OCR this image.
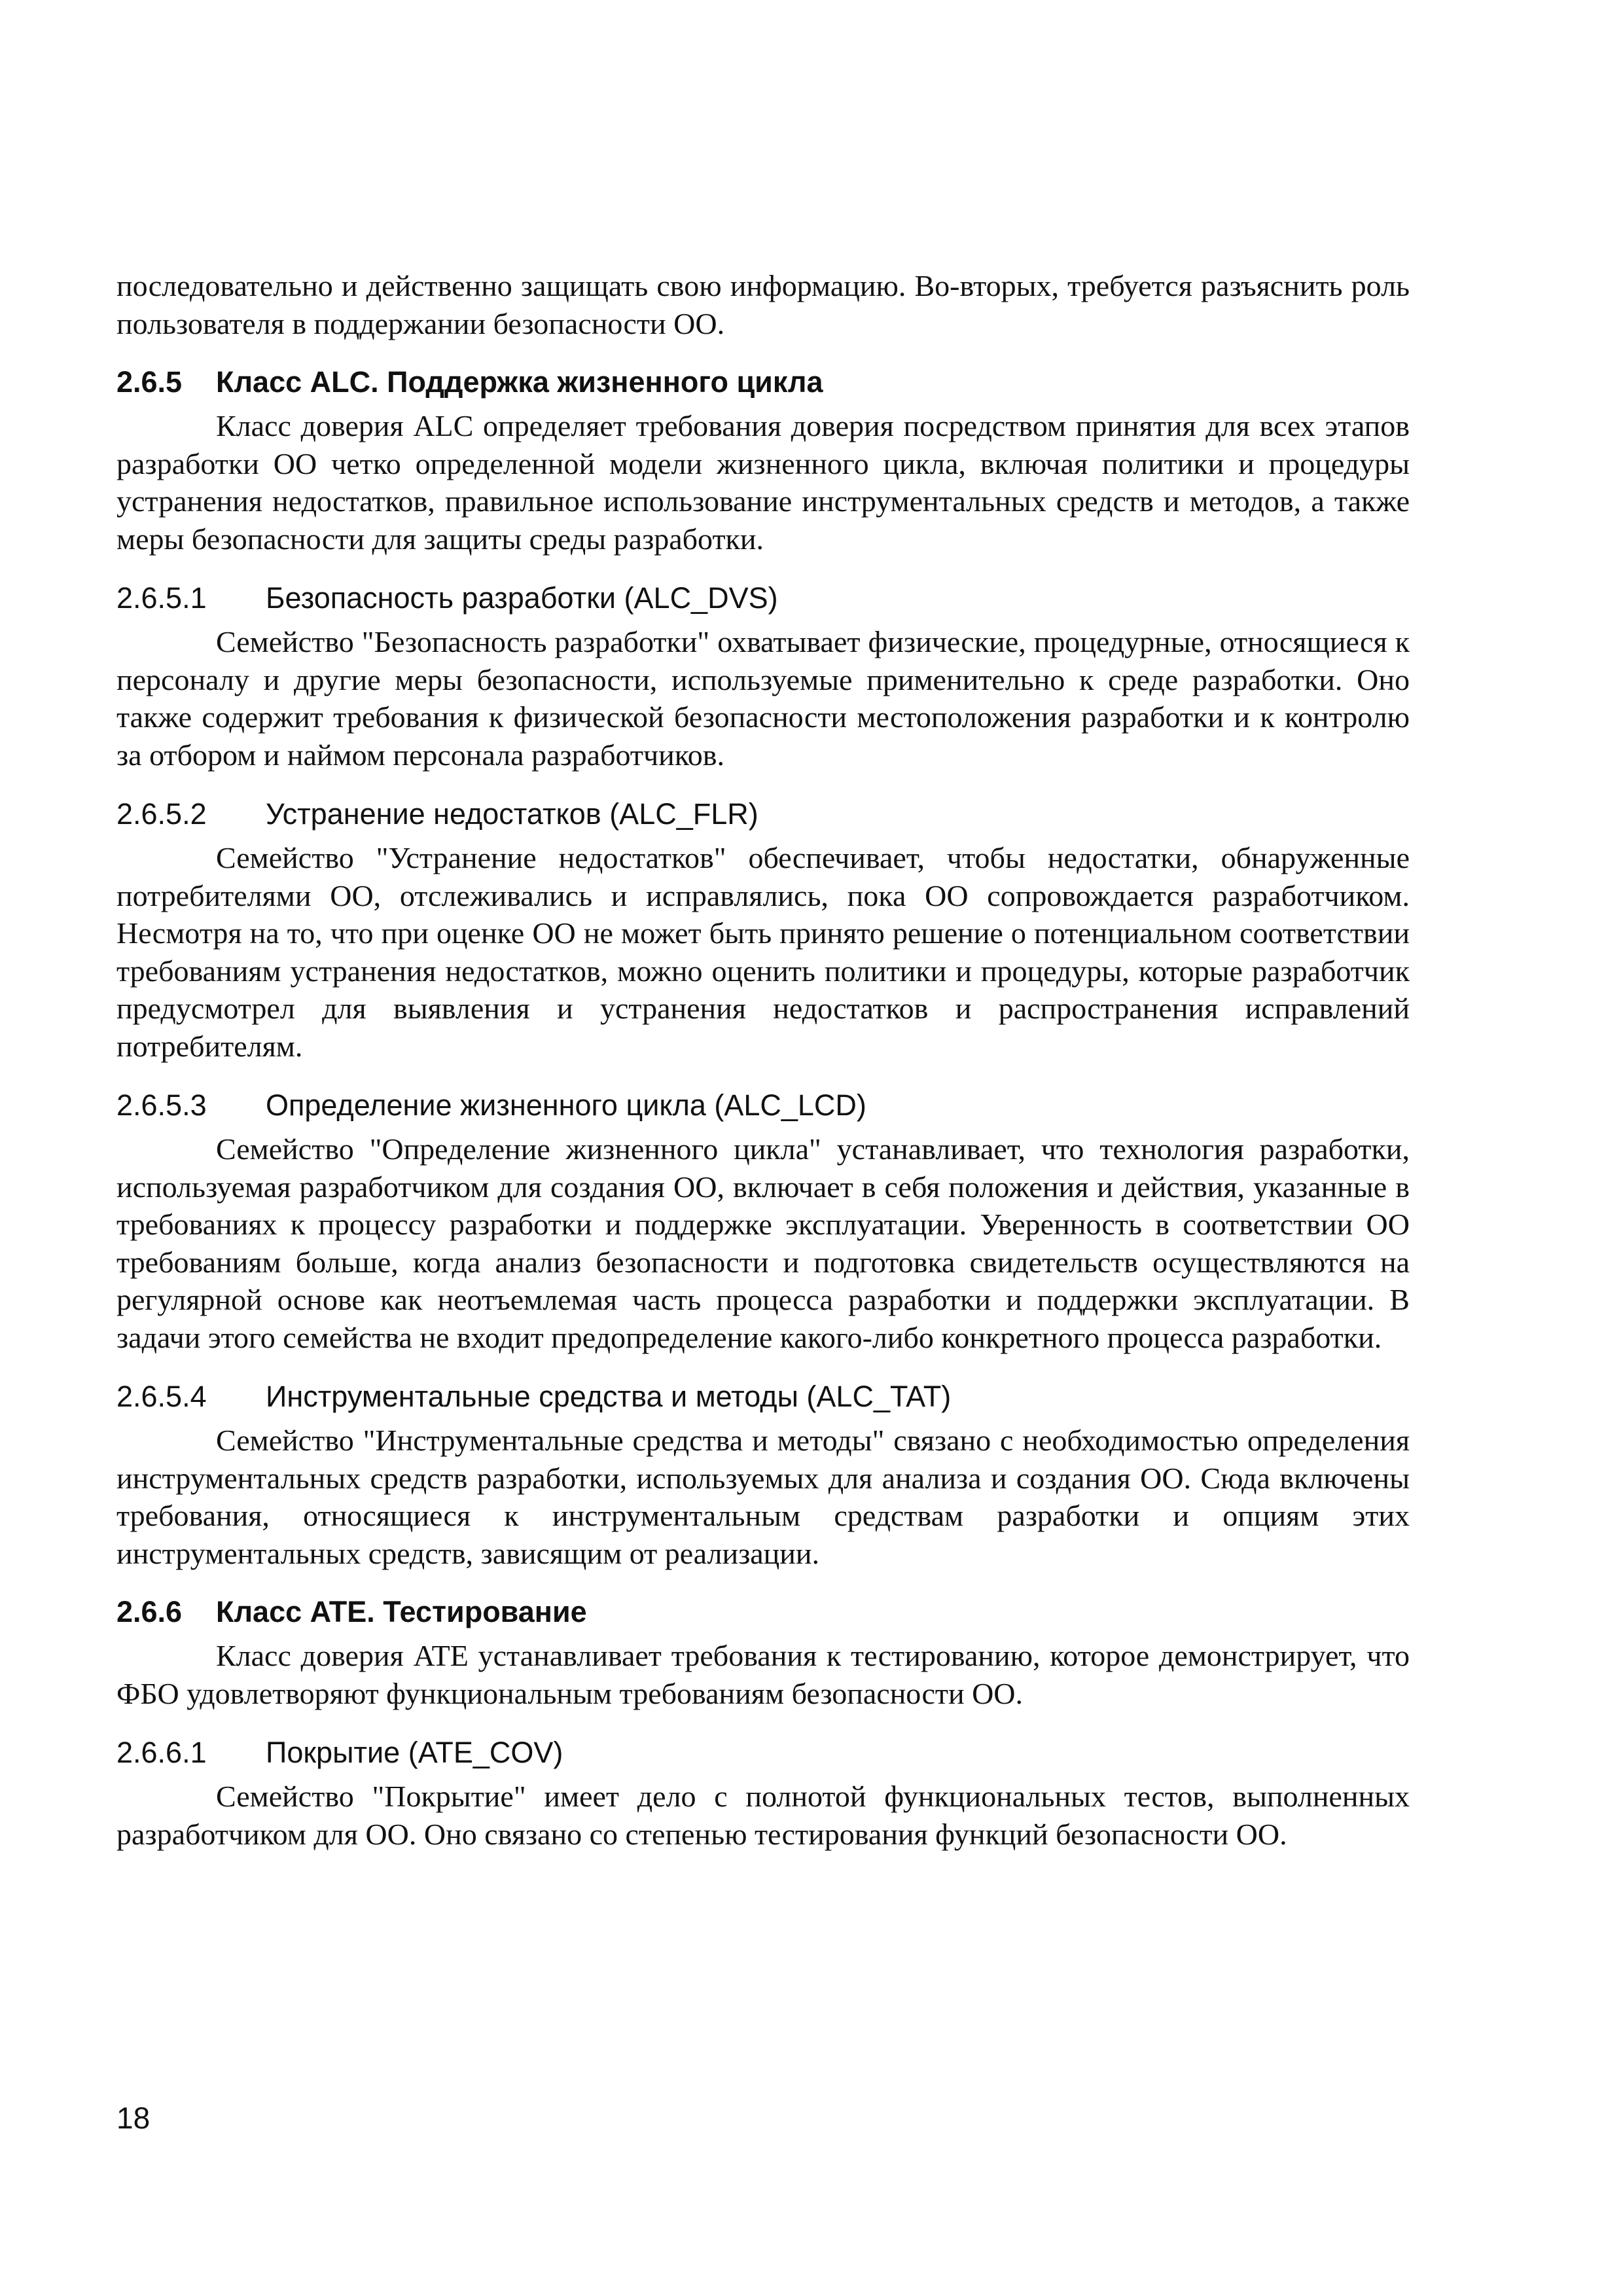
последовательно и действенно защищать свою информацию. Во-вторых, требуется разъяснить роль пользователя в поддержании безопасности ОО.

2.6.5 Класс ALC. Поддержка жизненного цикла

Класс доверия ALC определяет требования доверия посредством принятия для всех этапов разработки ОО четко определенной модели жизненного цикла, включая политики и процедуры устранения недостатков, правильное использование инструментальных средств и методов, а также меры безопасности для защиты среды разработки.

2.6.5.1 Безопасность разработки (ALC_DVS)

Семейство "Безопасность разработки" охватывает физические, процедурные, относящиеся к персоналу и другие меры безопасности, используемые применительно к среде разработки. Оно также содержит требования к физической безопасности местоположения разработки и к контролю за отбором и наймом персонала разработчиков.

2.6.5.2 Устранение недостатков (ALC_FLR)

Семейство "Устранение недостатков" обеспечивает, чтобы недостатки, обнаруженные потребителями ОО, отслеживались и исправлялись, пока ОО сопровождается разработчиком. Несмотря на то, что при оценке ОО не может быть принято решение о потенциальном соответствии требованиям устранения недостатков, можно оценить политики и процедуры, которые разработчик предусмотрел для выявления и устранения недостатков и распространения исправлений потребителям.

2.6.5.3 Определение жизненного цикла (ALC_LCD)

Семейство "Определение жизненного цикла" устанавливает, что технология разработки, используемая разработчиком для создания ОО, включает в себя положения и действия, указанные в требованиях к процессу разработки и поддержке эксплуатации. Уверенность в соответствии ОО требованиям больше, когда анализ безопасности и подготовка свидетельств осуществляются на регулярной основе как неотъемлемая часть процесса разработки и поддержки эксплуатации. В задачи этого семейства не входит предопределение какого-либо конкретного процесса разработки.

2.6.5.4 Инструментальные средства и методы (ALC_TAT)

Семейство "Инструментальные средства и методы" связано с необходимостью определения инструментальных средств разработки, используемых для анализа и создания ОО. Сюда включены требования, относящиеся к инструментальным средствам разработки и опциям этих инструментальных средств, зависящим от реализации.

2.6.6 Класс ATE. Тестирование

Класс доверия ATE устанавливает требования к тестированию, которое демонстрирует, что ФБО удовлетворяют функциональным требованиям безопасности ОО.

2.6.6.1 Покрытие (ATE_COV)

Семейство "Покрытие" имеет дело с полнотой функциональных тестов, выполненных разработчиком для ОО. Оно связано со степенью тестирования функций безопасности ОО.

18
